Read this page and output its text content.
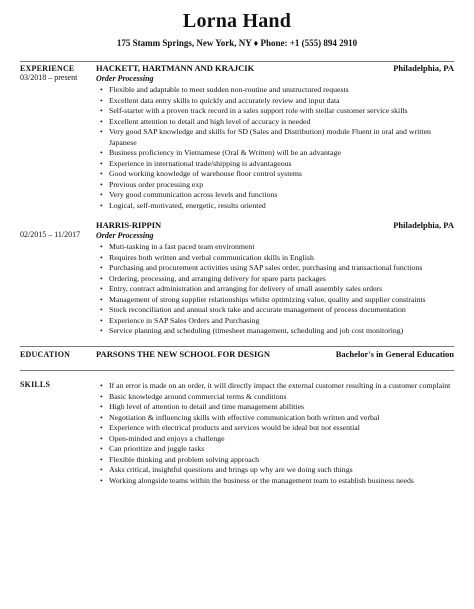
Lorna Hand
175 Stamm Springs, New York, NY ♦ Phone: +1 (555) 894 2910
EXPERIENCE
03/2018 – present
HACKETT, HARTMANN AND KRAJCIK	Philadelphia, PA
Order Processing
• Flexible and adaptable to meet sudden non-routine and unstructured requests
• Excellent data entry skills to quickly and accurately review and input data
• Self-starter with a proven track record in a sales support role with stellar customer service skills
• Excellent attention to detail and high level of accuracy is needed
• Very good SAP knowledge and skills for SD (Sales and Distribution) module Fluent in oral and written Japanese
• Business proficiency in Vietnamese (Oral & Written) will be an advantage
• Experience in international trade/shipping is advantageous
• Good working knowledge of warehouse floor control systems
• Previous order processing exp
• Very good communication across levels and functions
• Logical, self-motivated, energetic, results oriented
02/2015 – 11/2017
HARRIS-RIPPIN	Philadelphia, PA
Order Processing
• Muti-tasking in a fast paced team environment
• Requires both written and verbal communication skills in English
• Purchasing and procurement activities using SAP sales order, purchasing and transactional functions
• Ordering, processing, and arranging delivery for spare parts packages
• Entry, contract administration and arranging for delivery of small assembly sales orders
• Management of strong supplier relationships whilst optimizing value, quality and supplier constraints
• Stock reconciliation and annual stock take and accurate management of process documentation
• Experience in SAP Sales Orders and Purchasing
• Service planning and scheduling (timesheet management, scheduling and job cost monitoring)
EDUCATION	PARSONS THE NEW SCHOOL FOR DESIGN	Bachelor's in General Education
SKILLS
•	If an error is made on an order, it will directly impact the external customer resulting in a customer complaint
• Basic knowledge around commercial terms & conditions
• High level of attention to detail and time management abilities
• Negotiation & influencing skills with effective communication both written and verbal
• Experience with electrical products and services would be ideal but not essential
• Open-minded and enjoys a challenge
• Can prioritize and juggle tasks
• Flexible thinking and problem solving approach
• Asks critical, insightful questions and brings up why are we doing such things
• Working alongside teams within the business or the management team to establish business needs
